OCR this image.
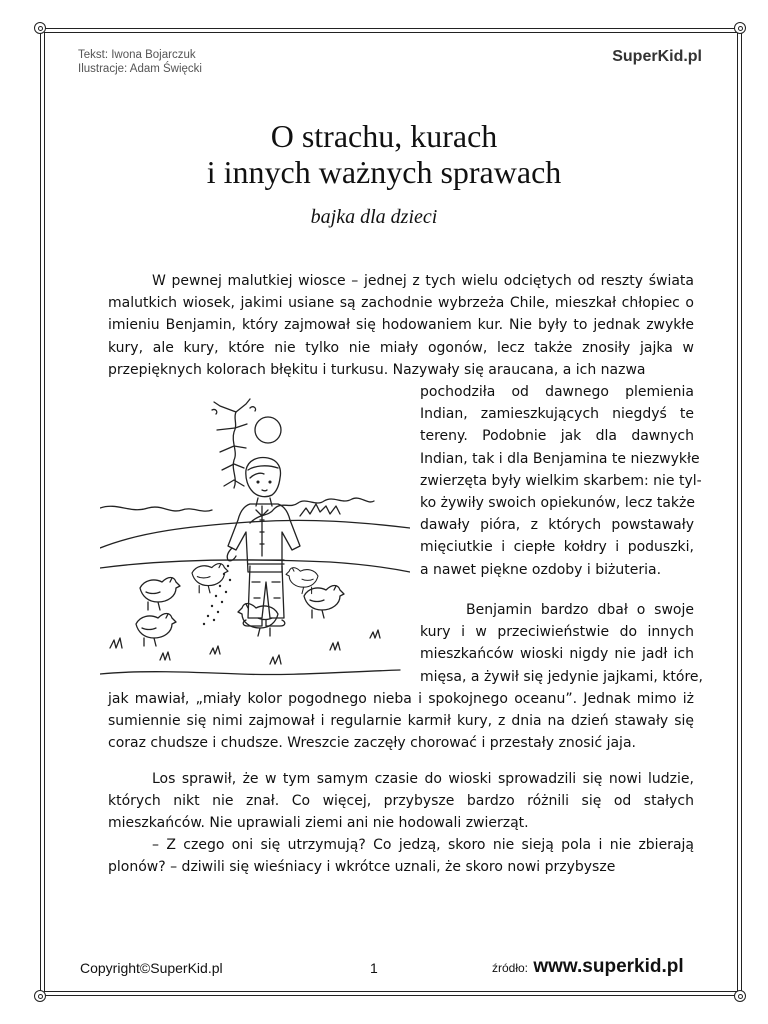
Tekst: Iwona Bojarczuk
Ilustracje: Adam Święcki
SuperKid.pl
O strachu, kurach
i innych ważnych sprawach
bajka dla dzieci

W pewnej malutkiej wiosce – jednej z tych wielu odciętych od reszty świata malutkich wiosek, jakimi usiane są zachodnie wybrzeża Chile, mieszkał chłopiec o imieniu Benjamin, który zajmował się hodowaniem kur. Nie były to jednak zwykłe kury, ale kury, które nie tylko nie miały ogonów, lecz także znosiły jajka w przepięknych kolorach błękitu i turkusu. Nazywały się araucana, a ich nazwa

pochodziła od dawnego plemienia
Indian, zamieszkujących niegdyś te
tereny. Podobnie jak dla dawnych
Indian, tak i dla Benjamina te niezwykłe
zwierzęta były wielkim skarbem: nie tyl-
ko żywiły swoich opiekunów, lecz także
dawały pióra, z których powstawały
mięciutkie i ciepłe kołdry i poduszki,
a nawet piękne ozdoby i biżuteria.
Benjamin bardzo dbał o swoje
kury i w przeciwieństwie do innych
mieszkańców wioski nigdy nie jadł ich
mięsa, a żywił się jedynie jajkami, które,

jak mawiał, „miały kolor pogodnego nieba i spokojnego oceanu”. Jednak mimo iż sumiennie się nimi zajmował i regularnie karmił kury, z dnia na dzień stawały się coraz chudsze i chudsze. Wreszcie zaczęły chorować i przestały znosić jaja.

Los sprawił, że w tym samym czasie do wioski sprowadzili się nowi ludzie, których nikt nie znał. Co więcej, przybysze bardzo różnili się od stałych mieszkańców. Nie uprawiali ziemi ani nie hodowali zwierząt.

– Z czego oni się utrzymują? Co jedzą, skoro nie sieją pola i nie zbierają plonów? – dziwili się wieśniacy i wkrótce uznali, że skoro nowi przybysze

Copyright©SuperKid.pl	1	źródło: www.superkid.pl
